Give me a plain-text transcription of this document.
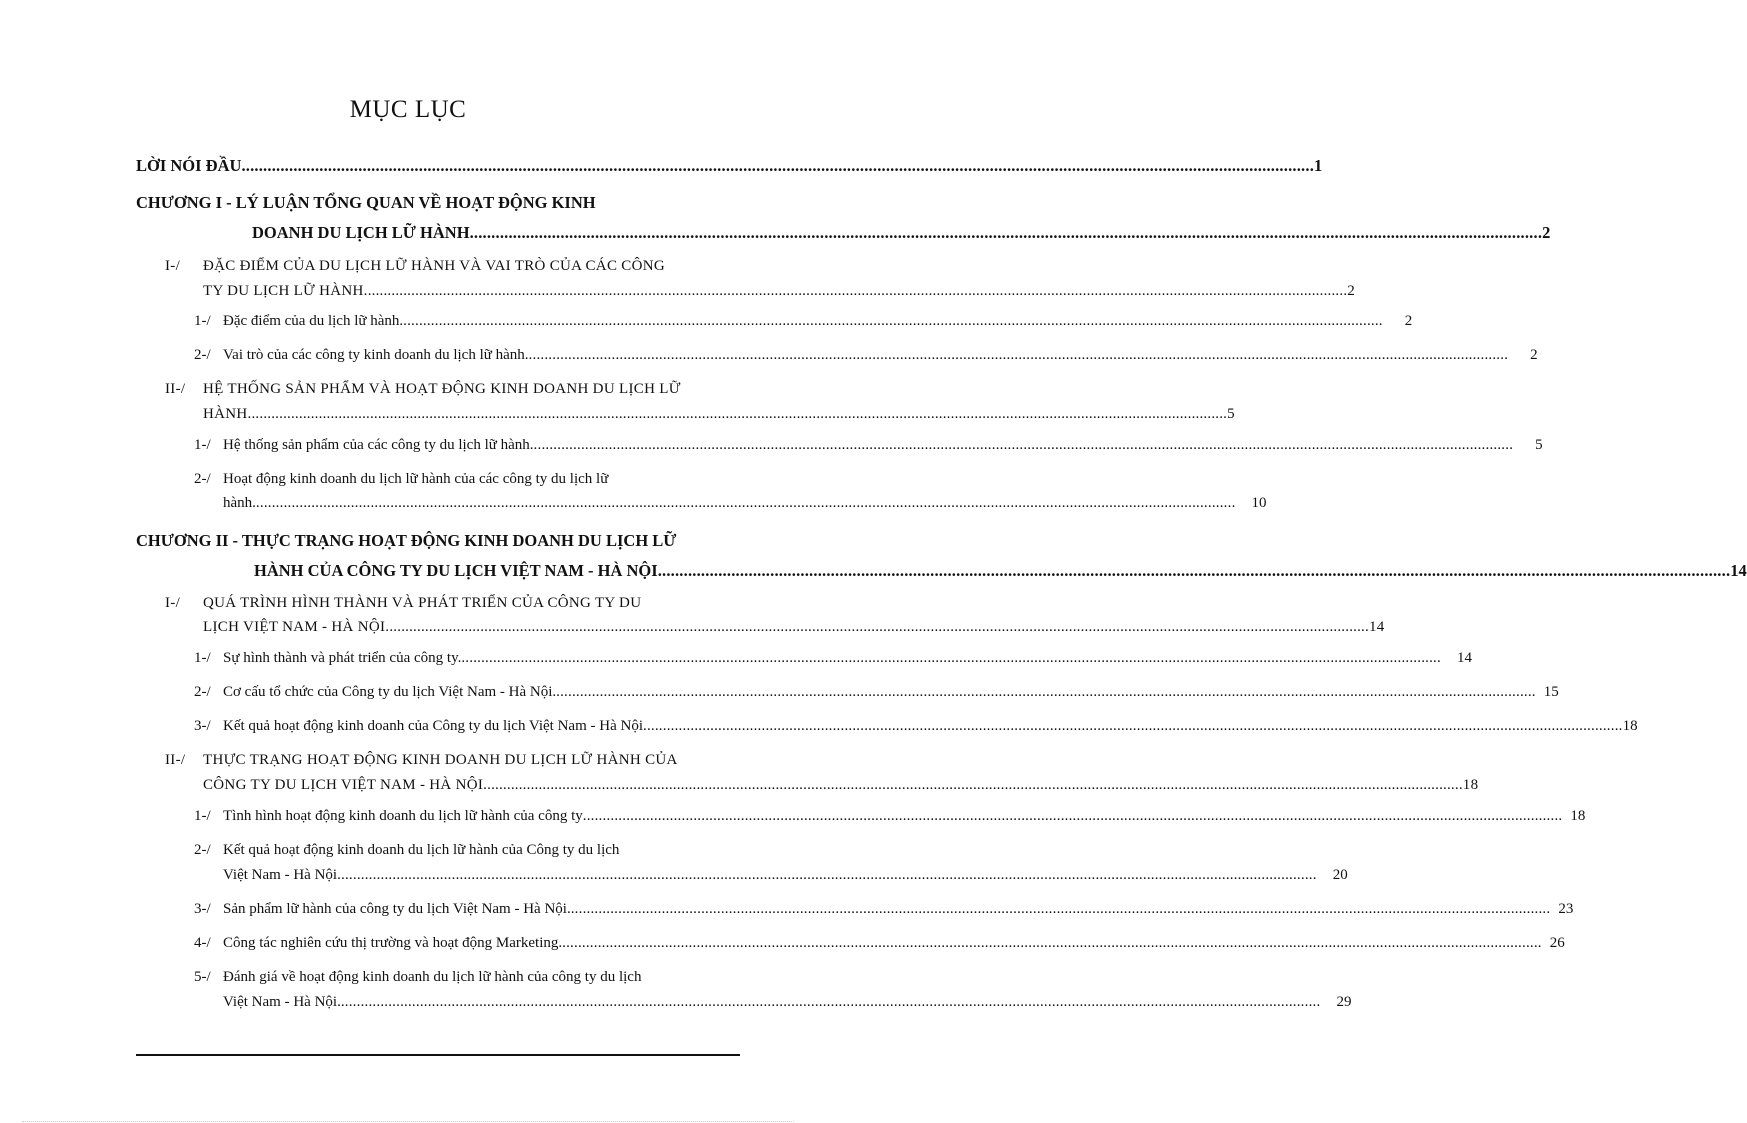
MỤC LỤC
LỜI NÓI ĐẦU .....	1
CHƯƠNG I - LÝ LUẬN TỔNG QUAN VỀ HOẠT ĐỘNG KINH
DOANH DU LỊCH LỮ HÀNH .....	2
I-/ ĐẶC ĐIỂM CỦA DU LỊCH LỮ HÀNH VÀ VAI TRÒ CỦA CÁC CÔNG
TY DU LỊCH LỮ HÀNH. .....	2
1-/ Đặc điểm của du lịch lữ hành. .....	2
2-/ Vai trò của các công ty kinh doanh du lịch lữ hành. .....	2
II-/ HỆ THỐNG SẢN PHẨM VÀ HOẠT ĐỘNG KINH DOANH DU LỊCH LỮ
HÀNH .....	5
1-/ Hệ thống sản phẩm của các công ty du lịch lữ hành. .....	5
2-/ Hoạt động kinh doanh du lịch lữ hành của các công ty du lịch lữ
hành. .....	10
CHƯƠNG II - THỰC TRẠNG HOẠT ĐỘNG KINH DOANH DU LỊCH LỮ
HÀNH CỦA CÔNG TY DU LỊCH VIỆT NAM - HÀ NỘI .....	14
I-/ QUÁ TRÌNH HÌNH THÀNH VÀ PHÁT TRIỂN CỦA CÔNG TY DU
LỊCH VIỆT NAM - HÀ NỘI. .....	14
1-/ Sự hình thành và phát triển của công ty. .....	14
2-/ Cơ cấu tổ chức của Công ty du lịch Việt Nam - Hà Nội. .....	15
3-/ Kết quả hoạt động kinh doanh của Công ty du lịch Việt Nam - Hà Nội .....	18
II-/ THỰC TRẠNG HOẠT ĐỘNG KINH DOANH DU LỊCH LỮ HÀNH CỦA
CÔNG TY DU LỊCH VIỆT NAM - HÀ NỘI .....	18
1-/ Tình hình hoạt động kinh doanh du lịch lữ hành của công ty .....	18
2-/ Kết quả hoạt động kinh doanh du lịch lữ hành của Công ty du lịch
Việt Nam - Hà Nội .....	20
3-/ Sản phẩm lữ hành của công ty du lịch Việt Nam - Hà Nội. .....	23
4-/ Công tác nghiên cứu thị trường và hoạt động Marketing. .....	26
5-/ Đánh giá về hoạt động kinh doanh du lịch lữ hành của công ty du lịch
Việt Nam - Hà Nội. .....	29
